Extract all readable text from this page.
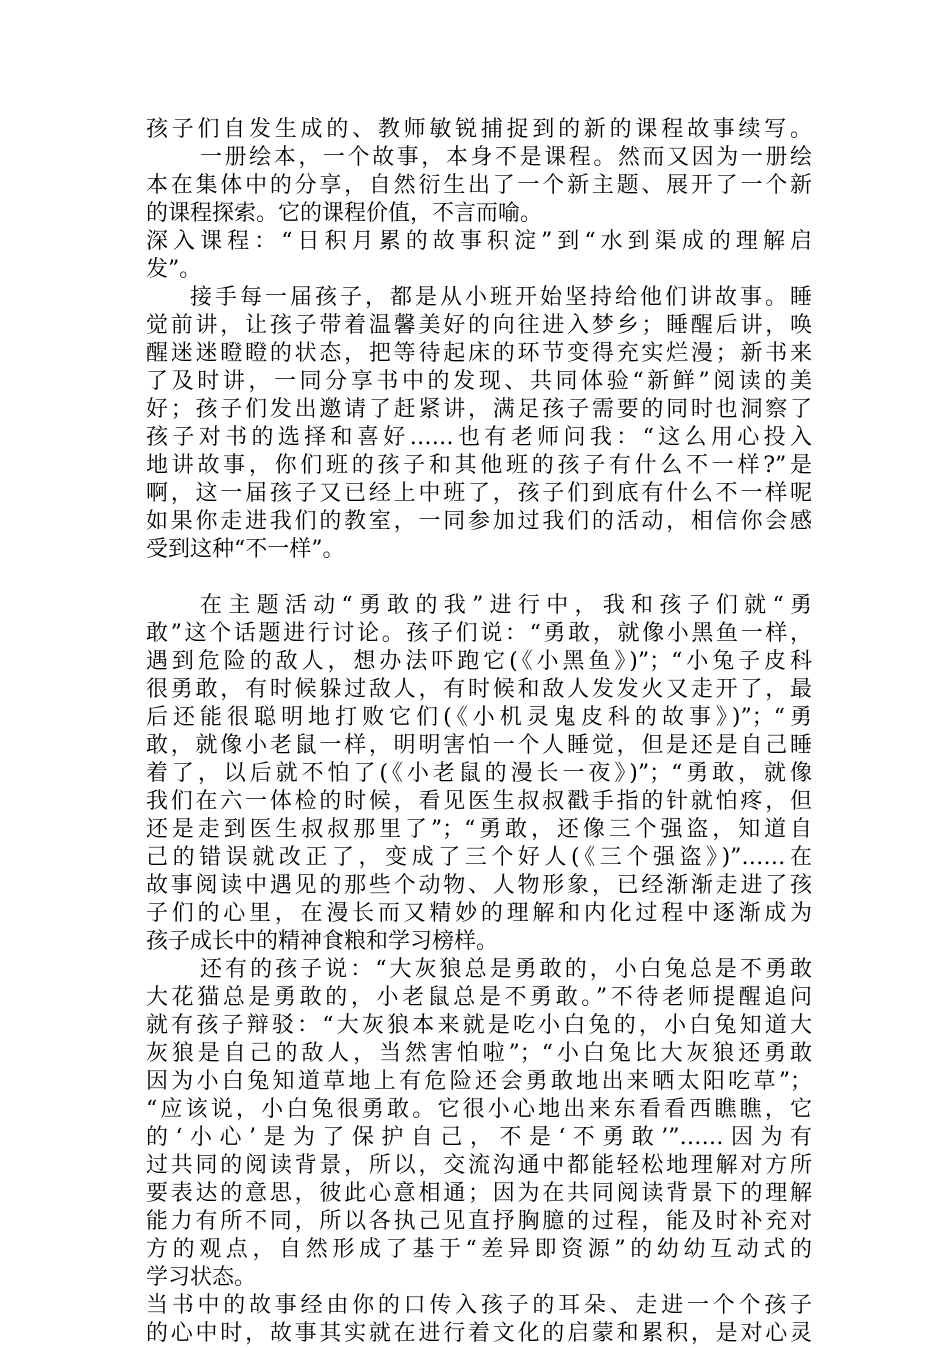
孩子们自发生成的、教师敏锐捕捉到的新的课程故事续写。
一册绘本，一个故事，本身不是课程。然而又因为一册绘
本在集体中的分享，自然衍生出了一个新主题、展开了一个新
的课程探索。它的课程价值，不言而喻。
深入课程：“日积月累的故事积淀”到“水到渠成的理解启
发”。
接手每一届孩子，都是从小班开始坚持给他们讲故事。睡
觉前讲，让孩子带着温馨美好的向往进入梦乡；睡醒后讲，唤
醒迷迷瞪瞪的状态，把等待起床的环节变得充实烂漫；新书来
了及时讲，一同分享书中的发现、共同体验“新鲜”阅读的美
好；孩子们发出邀请了赶紧讲，满足孩子需要的同时也洞察了
孩子对书的选择和喜好……也有老师问我：“这么用心投入
地讲故事，你们班的孩子和其他班的孩子有什么不一样?”是
啊，这一届孩子又已经上中班了，孩子们到底有什么不一样呢
如果你走进我们的教室，一同参加过我们的活动，相信你会感
受到这种“不一样”。
在主题活动“勇敢的我”进行中，我和孩子们就“勇
敢”这个话题进行讨论。孩子们说：“勇敢，就像小黑鱼一样，
遇到危险的敌人，想办法吓跑它(《小黑鱼》)”；“小兔子皮科
很勇敢，有时候躲过敌人，有时候和敌人发发火又走开了，最
后还能很聪明地打败它们(《小机灵鬼皮科的故事》)”；“勇
敢，就像小老鼠一样，明明害怕一个人睡觉，但是还是自己睡
着了，以后就不怕了(《小老鼠的漫长一夜》)”；“勇敢，就像
我们在六一体检的时候，看见医生叔叔戳手指的针就怕疼，但
还是走到医生叔叔那里了”；“勇敢，还像三个强盗，知道自
己的错误就改正了，变成了三个好人(《三个强盗》)”……在
故事阅读中遇见的那些个动物、人物形象，已经渐渐走进了孩
子们的心里，在漫长而又精妙的理解和内化过程中逐渐成为
孩子成长中的精神食粮和学习榜样。
还有的孩子说：“大灰狼总是勇敢的，小白兔总是不勇敢
大花猫总是勇敢的，小老鼠总是不勇敢。”不待老师提醒追问
就有孩子辩驳：“大灰狼本来就是吃小白兔的，小白兔知道大
灰狼是自己的敌人，当然害怕啦”；“小白兔比大灰狼还勇敢
因为小白兔知道草地上有危险还会勇敢地出来晒太阳吃草”；
“应该说，小白兔很勇敢。它很小心地出来东看看西瞧瞧，它
的‘小心’是为了保护自己，不是‘不勇敢’”……因为有
过共同的阅读背景，所以，交流沟通中都能轻松地理解对方所
要表达的意思，彼此心意相通；因为在共同阅读背景下的理解
能力有所不同，所以各执己见直抒胸臆的过程，能及时补充对
方的观点，自然形成了基于“差异即资源”的幼幼互动式的
学习状态。
当书中的故事经由你的口传入孩子的耳朵、走进一个个孩子
的心中时，故事其实就在进行着文化的启蒙和累积，是对心灵
